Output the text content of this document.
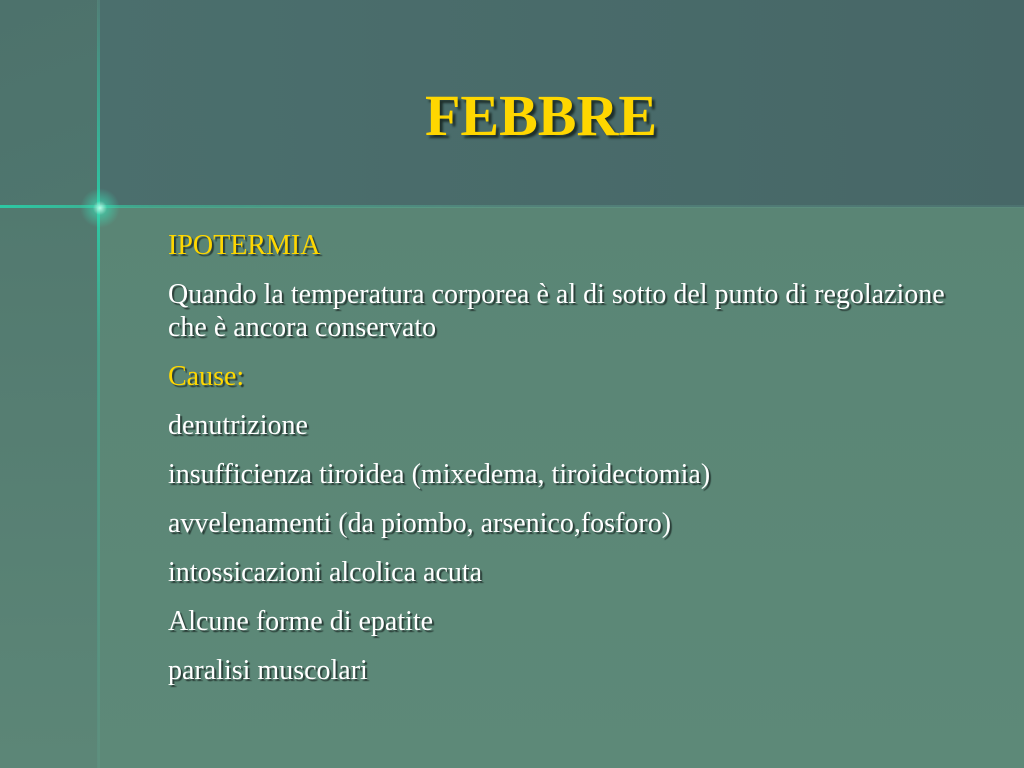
FEBBRE
IPOTERMIA
Quando la temperatura corporea è al di sotto del punto di regolazione che è ancora conservato
Cause:
denutrizione
insufficienza tiroidea (mixedema, tiroidectomia)
avvelenamenti (da piombo, arsenico,fosforo)
intossicazioni alcolica acuta
Alcune forme di epatite
paralisi muscolari
